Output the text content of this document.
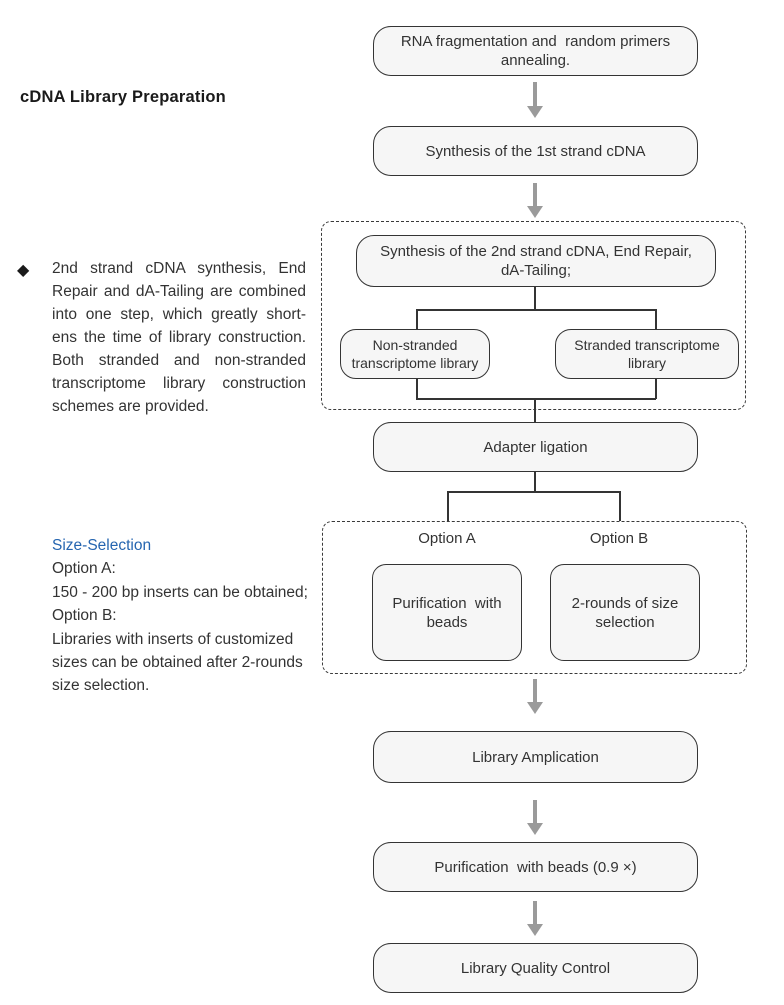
cDNA Library Preparation
◆ 2nd strand cDNA synthesis, End
Repair and dA-Tailing are combined
into one step, which greatly short-
ens the time of library construction.
Both stranded and non-stranded
transcriptome library construction
schemes are provided.
Size-Selection
Option A:
150 - 200 bp inserts can be obtained;
Option B:
Libraries with inserts of customized
sizes can be obtained after 2-rounds
size selection.
RNA fragmentation and  random primers
annealing.
Synthesis of the 1st strand cDNA
Synthesis of the 2nd strand cDNA, End Repair,
dA-Tailing;
Non-stranded
transcriptome library
Stranded transcriptome
library
Adapter ligation
Option A	Option B
Purification  with
beads
2-rounds of size
selection
Library Amplication
Purification  with beads (0.9 ×)
Library Quality Control
